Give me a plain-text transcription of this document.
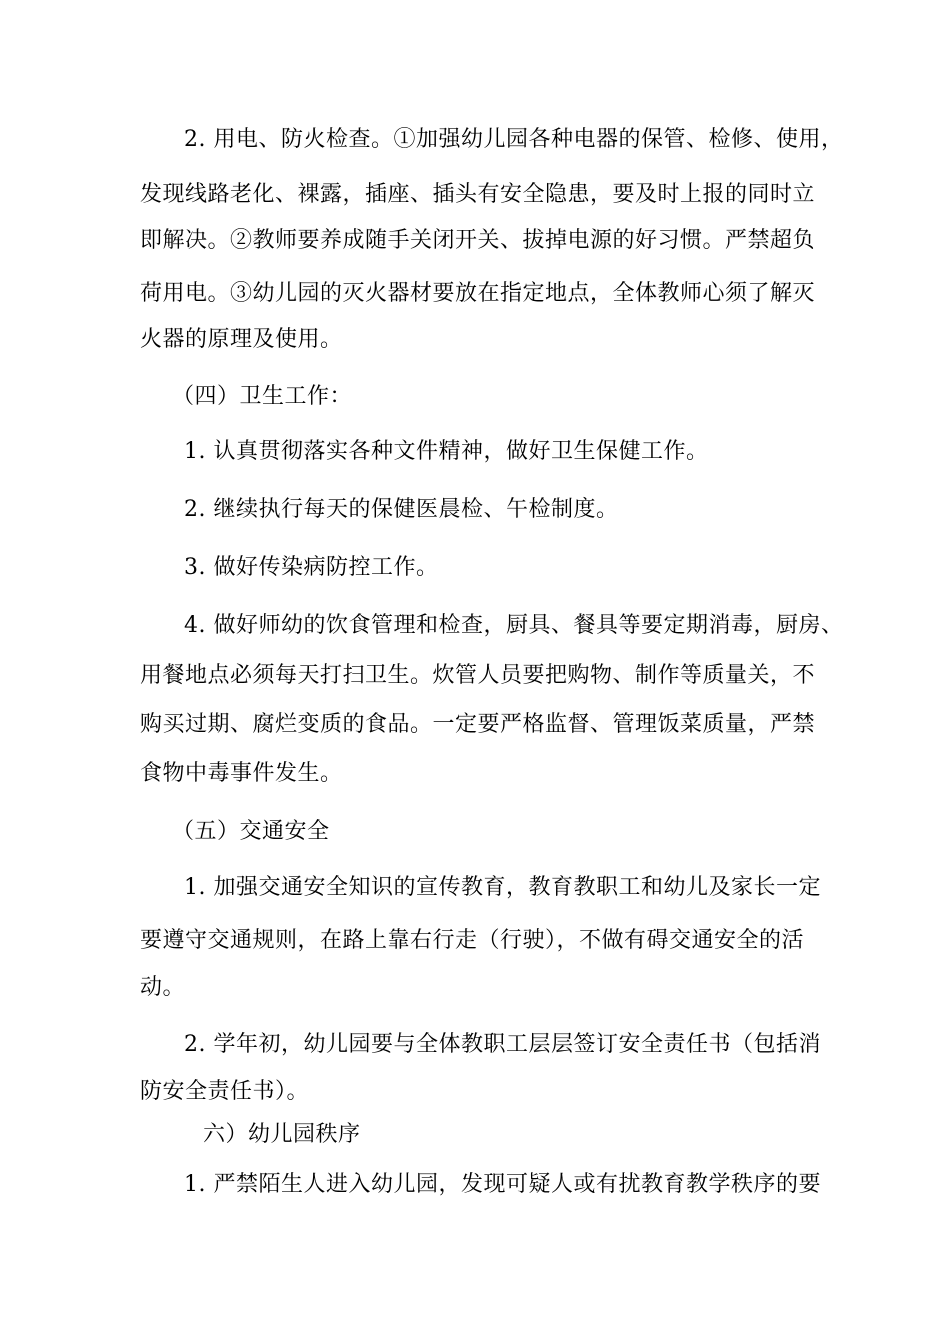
2. 用电、防火检查。①加强幼儿园各种电器的保管、检修、使用，
发现线路老化、裸露，插座、插头有安全隐患，要及时上报的同时立
即解决。②教师要养成随手关闭开关、拔掉电源的好习惯。严禁超负
荷用电。③幼儿园的灭火器材要放在指定地点，全体教师心须了解灭
火器的原理及使用。
（四）卫生工作：
1. 认真贯彻落实各种文件精神，做好卫生保健工作。
2. 继续执行每天的保健医晨检、午检制度。
3. 做好传染病防控工作。
4. 做好师幼的饮食管理和检查，厨具、餐具等要定期消毒，厨房、
用餐地点必须每天打扫卫生。炊管人员要把购物、制作等质量关，不
购买过期、腐烂变质的食品。一定要严格监督、管理饭菜质量，严禁
食物中毒事件发生。
（五）交通安全
1. 加强交通安全知识的宣传教育，教育教职工和幼儿及家长一定
要遵守交通规则，在路上靠右行走（行驶），不做有碍交通安全的活
动。
2. 学年初，幼儿园要与全体教职工层层签订安全责任书（包括消
防安全责任书）。
六）幼儿园秩序
1. 严禁陌生人进入幼儿园，发现可疑人或有扰教育教学秩序的要
